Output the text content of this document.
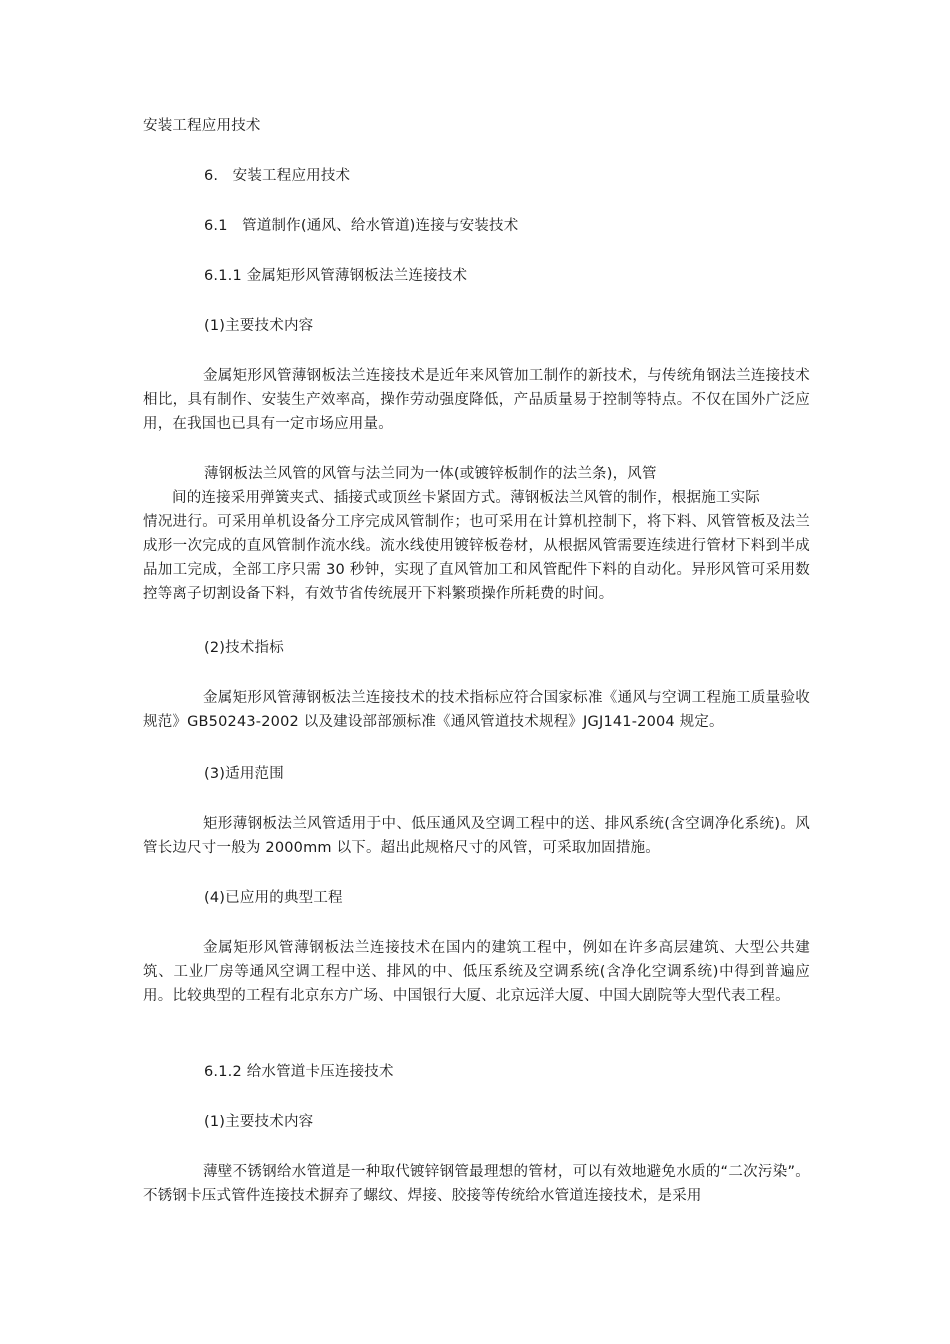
安装工程应用技术
6.   安装工程应用技术
6.1   管道制作(通风、给水管道)连接与安装技术
6.1.1 金属矩形风管薄钢板法兰连接技术
(1)主要技术内容
金属矩形风管薄钢板法兰连接技术是近年来风管加工制作的新技术，与传统角钢法兰连接技术相比，具有制作、安装生产效率高，操作劳动强度降低，产品质量易于控制等特点。不仅在国外广泛应用，在我国也已具有一定市场应用量。
薄钢板法兰风管的风管与法兰同为一体(或镀锌板制作的法兰条)，风管
间的连接采用弹簧夹式、插接式或顶丝卡紧固方式。薄钢板法兰风管的制作，根据施工实际
情况进行。可采用单机设备分工序完成风管制作；也可采用在计算机控制下，将下料、风管管板及法兰成形一次完成的直风管制作流水线。流水线使用镀锌板卷材，从根据风管需要连续进行管材下料到半成品加工完成，全部工序只需 30 秒钟，实现了直风管加工和风管配件下料的自动化。异形风管可采用数控等离子切割设备下料，有效节省传统展开下料繁琐操作所耗费的时间。
(2)技术指标
金属矩形风管薄钢板法兰连接技术的技术指标应符合国家标准《通风与空调工程施工质量验收规范》GB50243-2002 以及建设部部颁标准《通风管道技术规程》JGJ141-2004 规定。
(3)适用范围
矩形薄钢板法兰风管适用于中、低压通风及空调工程中的送、排风系统(含空调净化系统)。风管长边尺寸一般为 2000mm 以下。超出此规格尺寸的风管，可采取加固措施。
(4)已应用的典型工程
金属矩形风管薄钢板法兰连接技术在国内的建筑工程中，例如在许多高层建筑、大型公共建筑、工业厂房等通风空调工程中送、排风的中、低压系统及空调系统(含净化空调系统)中得到普遍应用。比较典型的工程有北京东方广场、中国银行大厦、北京远洋大厦、中国大剧院等大型代表工程。
6.1.2 给水管道卡压连接技术
(1)主要技术内容
薄壁不锈钢给水管道是一种取代镀锌钢管最理想的管材，可以有效地避免水质的“二次污染”。不锈钢卡压式管件连接技术摒弃了螺纹、焊接、胶接等传统给水管道连接技术，是采用
